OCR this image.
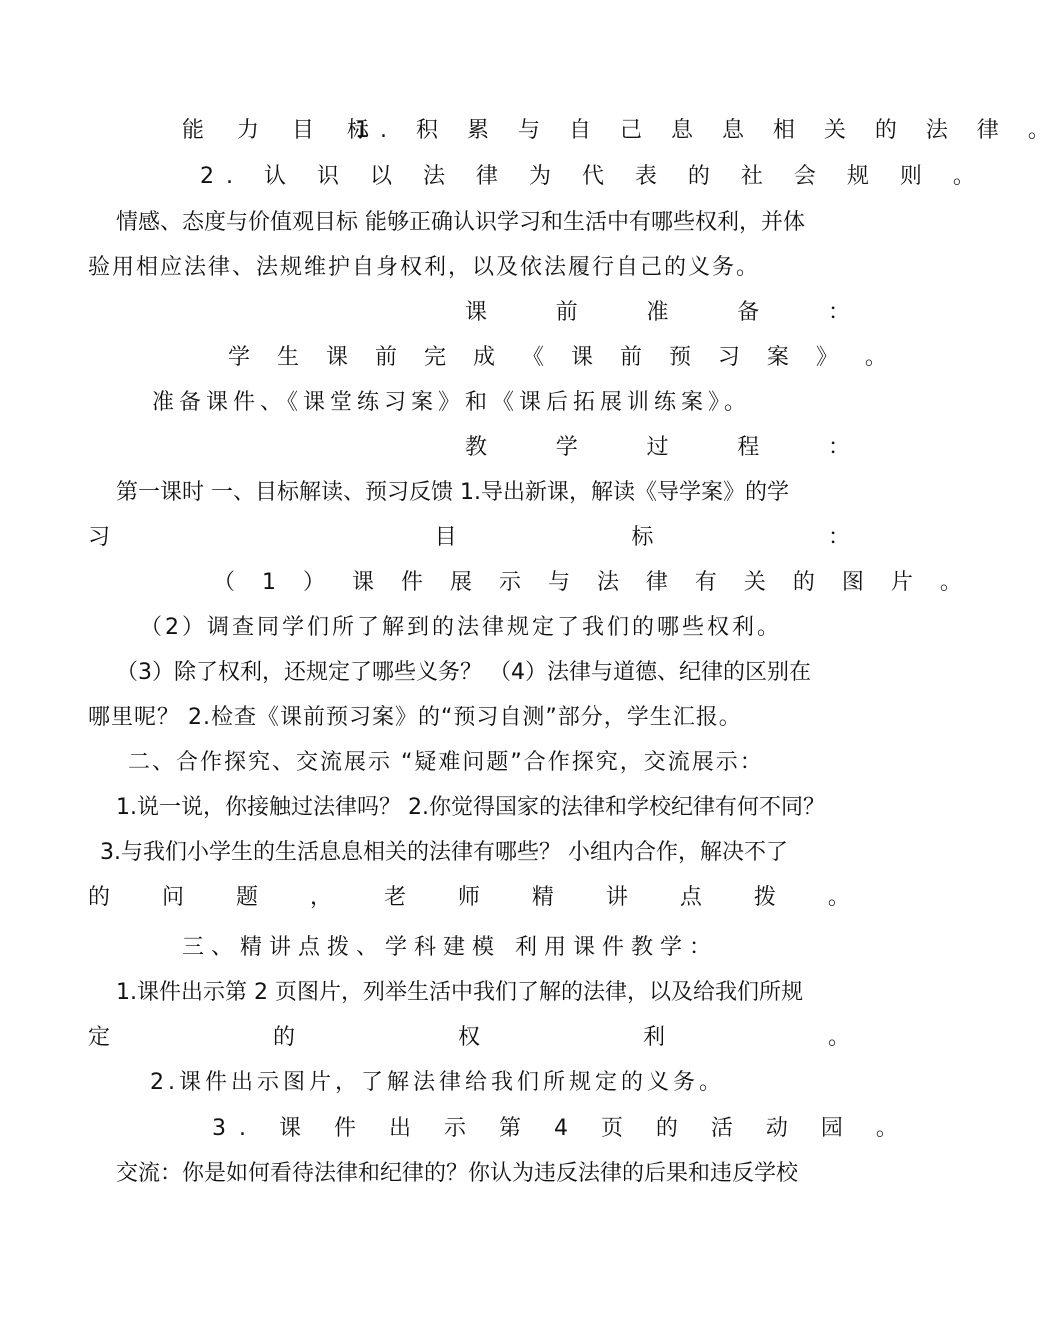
能 力 目 标
1. 积 累 与 自 己 息 息 相 关 的 法 律 。
2. 认 识 以 法 律 为 代 表 的 社 会 规 则 。
情感、态度与价值观目标 能够正确认识学习和生活中有哪些权利，并体
验用相应法律、法规维护自身权利，以及依法履行自己的义务。
课	前	准	备	：
学 生 课 前 完 成 《 课 前 预 习 案 》 。
准备课件、《课堂练习案》和《课后拓展训练案》。
教	学	过	程	：
第一课时 一、目标解读、预习反馈 1.导出新课，解读《导学案》的学
习	目	标	：
（ 1 ） 课 件 展 示 与 法 律 有 关 的 图 片 。
（2）调查同学们所了解到的法律规定了我们的哪些权利。
（3）除了权利，还规定了哪些义务？ （4）法律与道德、纪律的区别在
哪里呢？ 2.检查《课前预习案》的“预习自测”部分，学生汇报。
二、合作探究、交流展示 “疑难问题”合作探究，交流展示：
1.说一说，你接触过法律吗？ 2.你觉得国家的法律和学校纪律有何不同？
3.与我们小学生的生活息息相关的法律有哪些？ 小组内合作，解决不了
的 问 题 ， 老 师 精 讲 点 拨 。
三、精讲点拨、学科建模 利用课件教学：
1.课件出示第 2 页图片，列举生活中我们了解的法律，以及给我们所规
定	的	权	利	。
2.课件出示图片，了解法律给我们所规定的义务。
3. 课 件 出 示 第 4 页 的 活 动 园 。
交流：你是如何看待法律和纪律的？你认为违反法律的后果和违反学校
